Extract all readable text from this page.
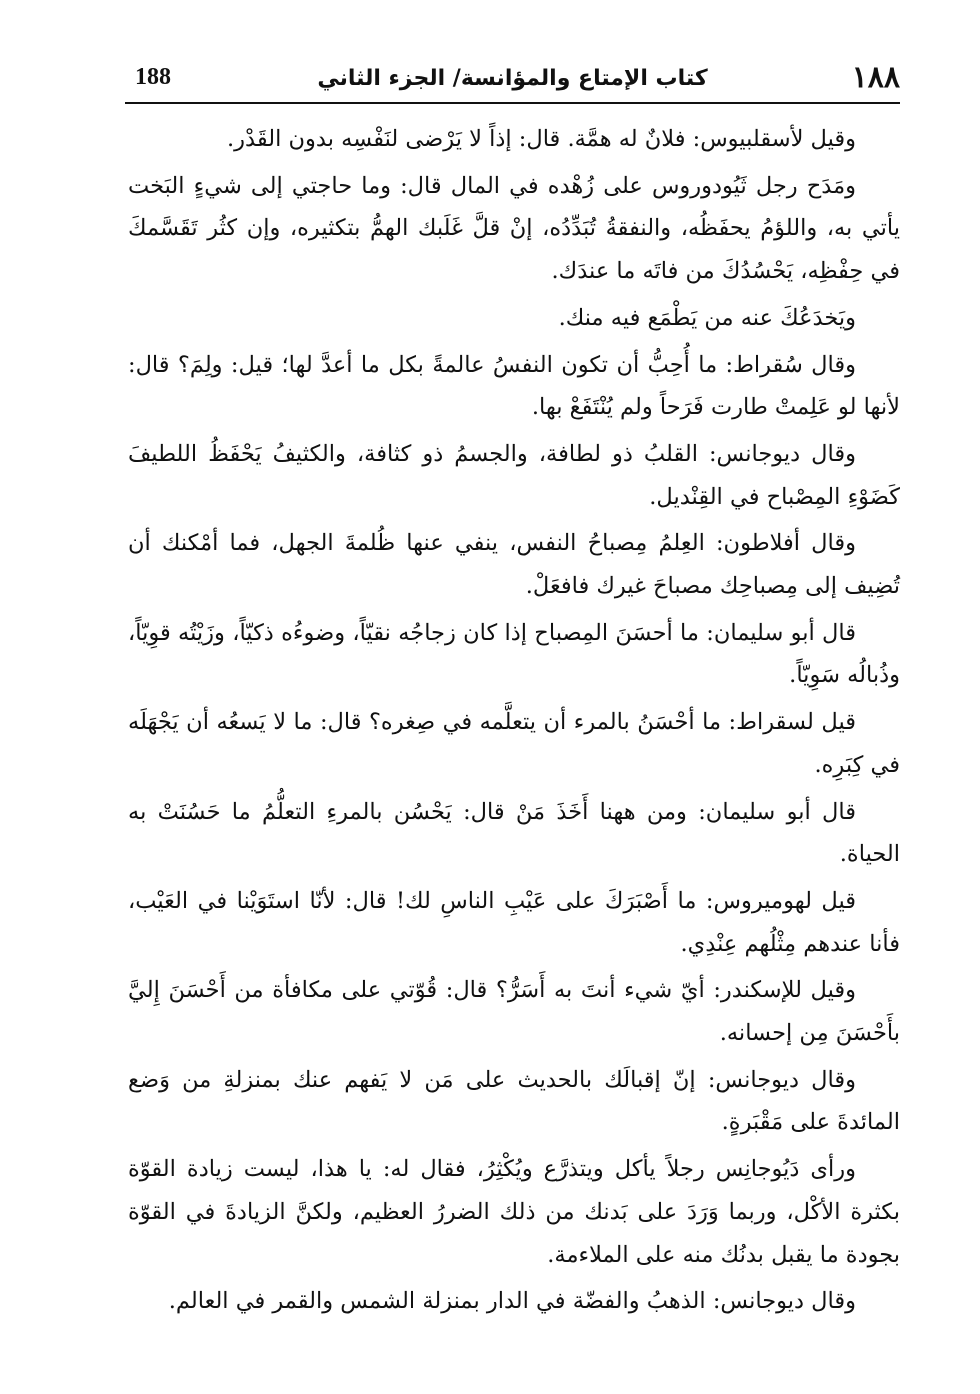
١٨٨
كتاب الإمتاع والمؤانسة/ الجزء الثاني
188

وقيل لأسقلبيوس: فلانٌ له همَّة. قال: إذاً لا يَرْضى لنَفْسِه بدون القَدْر.

ومَدَح رجل ثَيُودوروس على زُهْده في المال قال: وما حاجتي إلى شيءٍ البَخت يأتي به، واللؤمُ يحفَظُه، والنفقةُ تُبَدِّدُه، إنْ قلَّ غَلَبك الهمُّ بتكثيره، وإن كثُر تَقَسَّمكَ في حِفْظِه، يَحْسُدُكَ من فاتَه ما عندَك.

ويَخدَعُكَ عنه من يَطْمَع فيه منك.

وقال سُقراط: ما أُحِبُّ أن تكون النفسُ عالمةً بكل ما أعدَّ لها؛ قيل: ولِمَ؟ قال: لأنها لو عَلِمتْ طارت فَرَحاً ولم يُنْتَفَعْ بها.

وقال ديوجانس: القلبُ ذو لطافة، والجسمُ ذو كثافة، والكثيفُ يَحْفَظُ اللطيفَ كَضَوْءِ المِصْباح في القِنْديل.

وقال أفلاطون: العِلمُ مِصباحُ النفس، ينفي عنها ظُلمةَ الجهل، فما أمْكنك أن تُضِيف إلى مِصباحِك مصباحَ غيرك فافعَلْ.

قال أبو سليمان: ما أحسَنَ المِصباح إذا كان زجاجُه نقيّاً، وضوءُه ذكيّاً، وزَيْتُه قوِيّاً، وذُبالُه سَوِيّاً.

قيل لسقراط: ما أحْسَنُ بالمرء أن يتعلَّمه في صِغره؟ قال: ما لا يَسعُه أن يَجْهَلَه في كِبَرِه.

قال أبو سليمان: ومن ههنا أَخَذَ مَنْ قال: يَحْسُن بالمرءِ التعلُّمُ ما حَسُنَتْ به الحياة.

قيل لهوميروس: ما أَصْبَرَكَ على عَيْبِ الناسِ لك! قال: لأنّا استَوَيْنا في العَيْب، فأنا عندهم مِثْلُهم عِنْدِي.

وقيل للإسكندر: أيّ شيء أنتَ به أَسَرُّ؟ قال: قُوّتي على مكافأة من أَحْسَنَ إِليَّ بأَحْسَنَ مِن إحسانه.

وقال ديوجانس: إنّ إقبالَك بالحديث على مَن لا يَفهم عنك بمنزلةِ من وَضع المائدةَ على مَقْبَرةٍ.

ورأى دَيُوجانِس رجلاً يأكل ويتذرَّع ويُكْثِرُ، فقال له: يا هذا، ليست زيادة القوّة بكثرة الأكْل، وربما وَرَدَ على بَدنك من ذلك الضررُ العظيم، ولكنَّ الزيادةَ في القوّة بجودة ما يقبل بدنُك منه على الملاءمة.

وقال ديوجانس: الذهبُ والفضّة في الدار بمنزلة الشمس والقمر في العالم.
